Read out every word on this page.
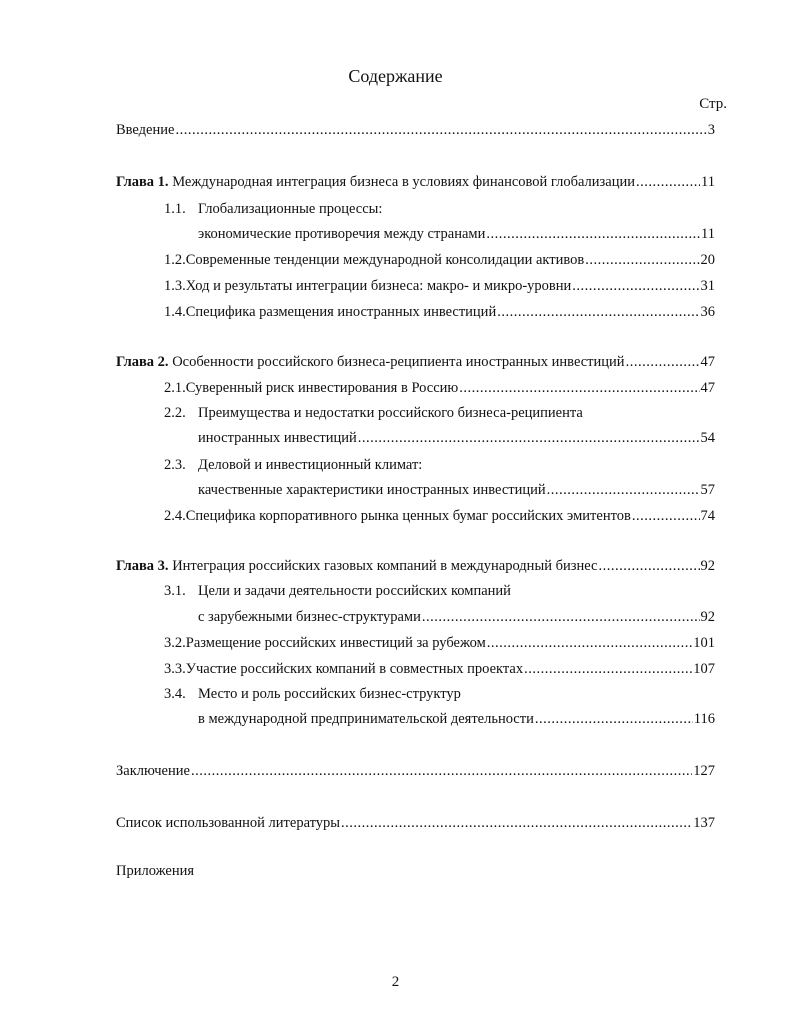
Содержание
Стр.
Введение .....	3
Глава 1. Международная интеграция бизнеса в условиях финансовой глобализации .....	11
1.1. Глобализационные процессы:
экономические противоречия между странами .....	11
1.2. Современные тенденции международной консолидации активов .....	20
1.3. Ход и результаты интеграции бизнеса: макро- и микро-уровни .....	31
1.4. Специфика размещения иностранных инвестиций .....	36
Глава 2. Особенности российского бизнеса-реципиента иностранных инвестиций .....	47
2.1. Суверенный риск инвестирования в Россию .....	47
2.2. Преимущества и недостатки российского бизнеса-реципиента
иностранных инвестиций .....	54
2.3. Деловой и инвестиционный климат:
качественные характеристики иностранных инвестиций .....	57
2.4. Специфика корпоративного рынка ценных бумаг российских эмитентов .....	74
Глава 3. Интеграция российских газовых компаний в международный бизнес .....	92
3.1. Цели и задачи деятельности российских компаний
с зарубежными бизнес-структурами .....	92
3.2. Размещение российских инвестиций за рубежом .....	101
3.3. Участие российских компаний в совместных проектах .....	107
3.4. Место и роль российских бизнес-структур
в международной предпринимательской деятельности .....	116
Заключение .....	127
Список использованной литературы .....	137
Приложения
2
